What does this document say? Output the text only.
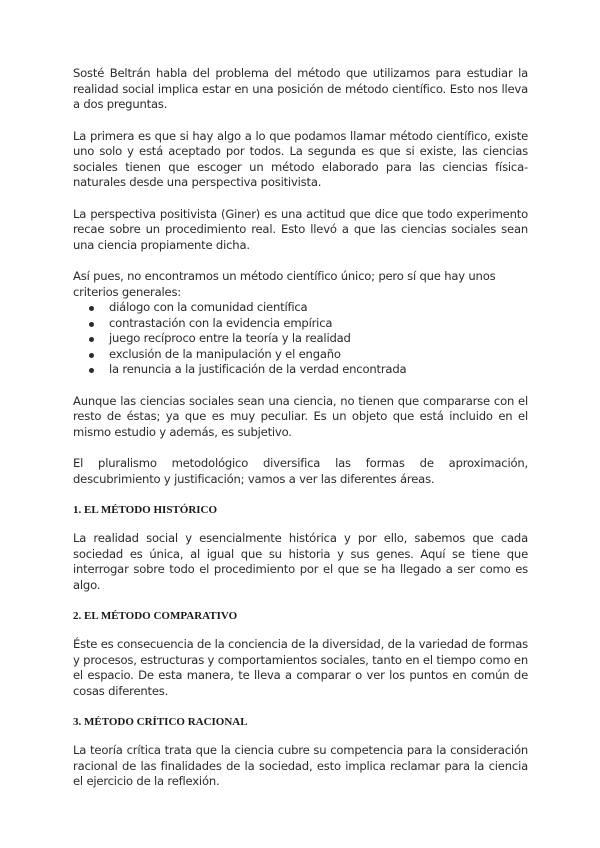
Sosté Beltrán habla del problema del método que utilizamos para estudiar la realidad social implica estar en una posición de método científico. Esto nos lleva a dos preguntas.

La primera es que si hay algo a lo que podamos llamar método científico, existe uno solo y está aceptado por todos. La segunda es que si existe, las ciencias sociales tienen que escoger un método elaborado para las ciencias física-naturales desde una perspectiva positivista.

La perspectiva positivista (Giner) es una actitud que dice que todo experimento recae sobre un procedimiento real. Esto llevó a que las ciencias sociales sean una ciencia propiamente dicha.

Así pues, no encontramos un método científico único; pero sí que hay unos criterios generales:

diálogo con la comunidad científica
contrastación con la evidencia empírica
juego recíproco entre la teoría y la realidad
exclusión de la manipulación y el engaño
la renuncia a la justificación de la verdad encontrada

Aunque las ciencias sociales sean una ciencia, no tienen que compararse con el resto de éstas; ya que es muy peculiar. Es un objeto que está incluido en el mismo estudio y además, es subjetivo.

El pluralismo metodológico diversifica las formas de aproximación, descubrimiento y justificación; vamos a ver las diferentes áreas.

1. EL MÉTODO HISTÓRICO

La realidad social y esencialmente histórica y por ello, sabemos que cada sociedad es única, al igual que su historia y sus genes. Aquí se tiene que interrogar sobre todo el procedimiento por el que se ha llegado a ser como es algo.

2. EL MÉTODO COMPARATIVO

Éste es consecuencia de la conciencia de la diversidad, de la variedad de formas y procesos, estructuras y comportamientos sociales, tanto en el tiempo como en el espacio. De esta manera, te lleva a comparar o ver los puntos en común de cosas diferentes.

3. MÉTODO CRÍTICO RACIONAL

La teoría crítica trata que la ciencia cubre su competencia para la consideración racional de las finalidades de la sociedad, esto implica reclamar para la ciencia el ejercicio de la reflexión.
